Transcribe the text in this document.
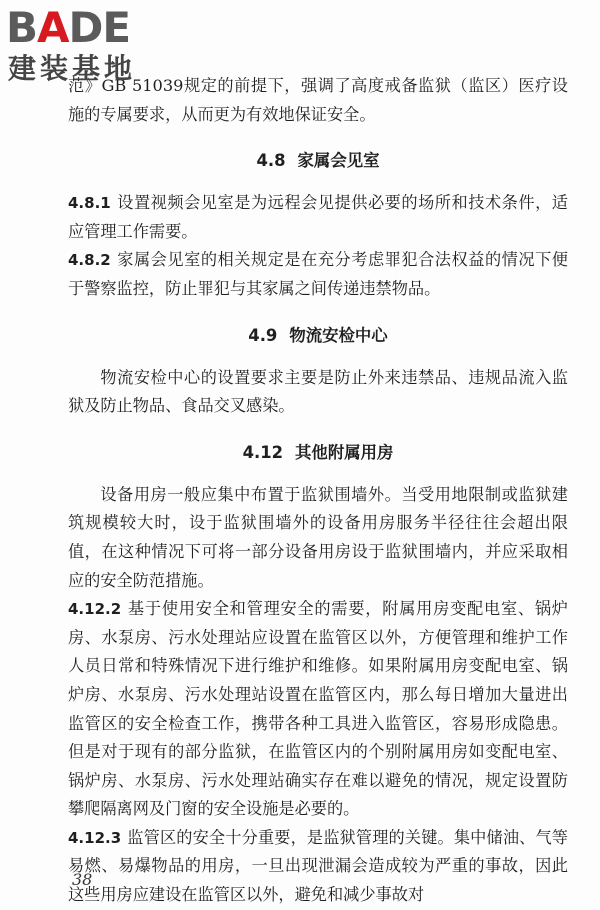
BADE
建装基地

范》GB 51039规定的前提下，强调了高度戒备监狱（监区）医疗设施的专属要求，从而更为有效地保证安全。

4.8 家属会见室

4.8.1 设置视频会见室是为远程会见提供必要的场所和技术条件，适应管理工作需要。

4.8.2 家属会见室的相关规定是在充分考虑罪犯合法权益的情况下便于警察监控，防止罪犯与其家属之间传递违禁物品。

4.9 物流安检中心

物流安检中心的设置要求主要是防止外来违禁品、违规品流入监狱及防止物品、食品交叉感染。

4.12 其他附属用房

设备用房一般应集中布置于监狱围墙外。当受用地限制或监狱建筑规模较大时，设于监狱围墙外的设备用房服务半径往往会超出限值，在这种情况下可将一部分设备用房设于监狱围墙内，并应采取相应的安全防范措施。

4.12.2 基于使用安全和管理安全的需要，附属用房变配电室、锅炉房、水泵房、污水处理站应设置在监管区以外，方便管理和维护工作人员日常和特殊情况下进行维护和维修。如果附属用房变配电室、锅炉房、水泵房、污水处理站设置在监管区内，那么每日增加大量进出监管区的安全检查工作，携带各种工具进入监管区，容易形成隐患。但是对于现有的部分监狱，在监管区内的个别附属用房如变配电室、锅炉房、水泵房、污水处理站确实存在难以避免的情况，规定设置防攀爬隔离网及门窗的安全设施是必要的。

4.12.3 监管区的安全十分重要，是监狱管理的关键。集中储油、气等易燃、易爆物品的用房，一旦出现泄漏会造成较为严重的事故，因此这些用房应建设在监管区以外，避免和减少事故对

38
